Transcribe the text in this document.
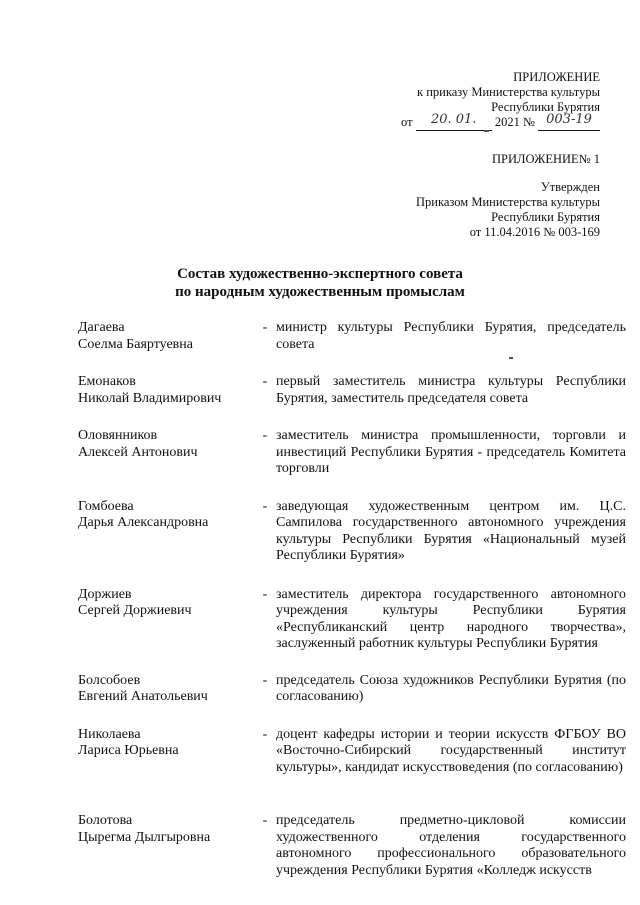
ПРИЛОЖЕНИЕ
к приказу Министерства культуры
Республики Бурятия
от 20. 01. 2021 № 003-19
ПРИЛОЖЕНИЕ№ 1
Утвержден
Приказом Министерства культуры
Республики Бурятия
от 11.04.2016 № 003-169
Состав художественно-экспертного совета
по народным художественным промыслам
Дагаева
Соелма Баяртуевна
- министр культуры Республики Бурятия, председатель совета
Емонаков
Николай Владимирович
- первый заместитель министра культуры Республики Бурятия, заместитель председателя совета
Оловянников
Алексей Антонович
- заместитель министра промышленности, торговли и инвестиций Республики Бурятия - председатель Комитета торговли
Гомбоева
Дарья Александровна
- заведующая художественным центром им. Ц.С. Сампилова государственного автономного учреждения культуры Республики Бурятия «Национальный музей Республики Бурятия»
Доржиев
Сергей Доржиевич
- заместитель директора государственного автономного учреждения культуры Республики Бурятия «Республиканский центр народного творчества», заслуженный работник культуры Республики Бурятия
Болсобоев
Евгений Анатольевич
- председатель Союза художников Республики Бурятия (по согласованию)
Николаева
Лариса Юрьевна
- доцент кафедры истории и теории искусств ФГБОУ ВО «Восточно-Сибирский государственный институт культуры», кандидат искусствоведения (по согласованию)
Болотова
Цырегма Дылгыровна
- председатель предметно-цикловой комиссии художественного отделения государственного автономного профессионального образовательного учреждения Республики Бурятия «Колледж искусств
